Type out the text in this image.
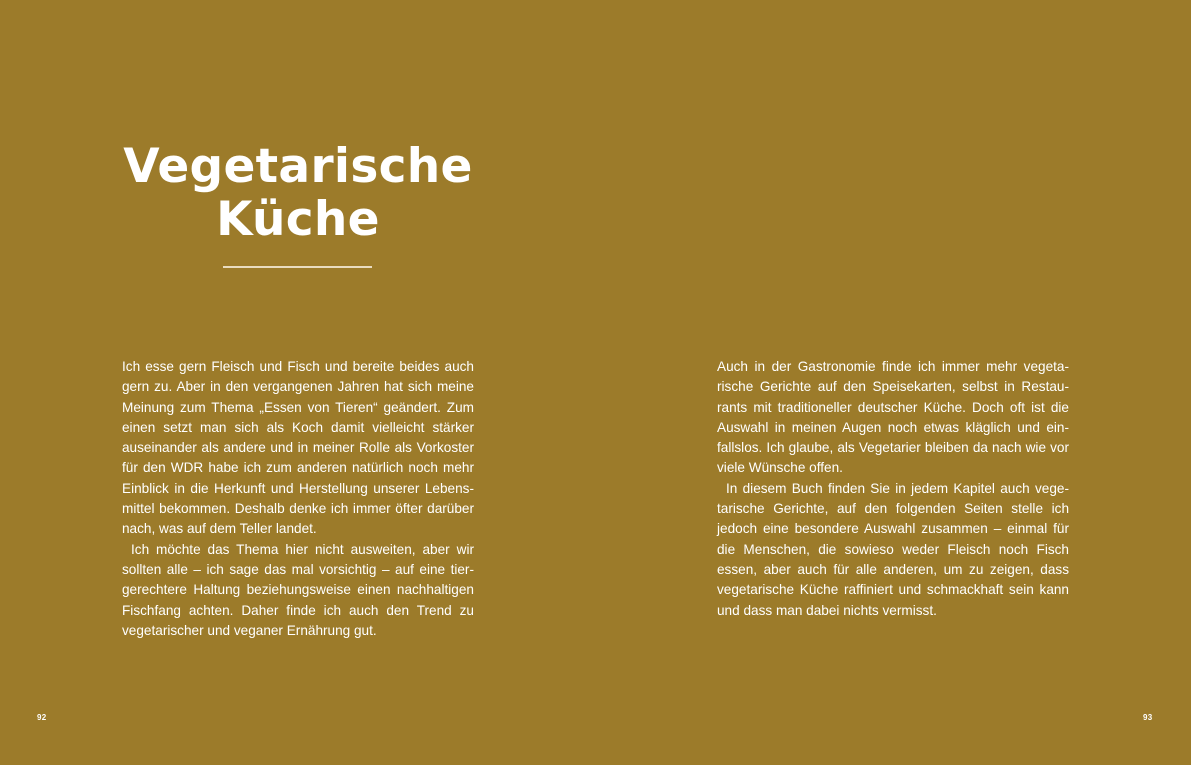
Vegetarische
Küche

Ich esse gern Fleisch und Fisch und bereite beides auch gern zu. Aber in den vergangenen Jahren hat sich meine Meinung zum Thema „Essen von Tieren“ geändert. Zum einen setzt man sich als Koch damit vielleicht stärker auseinander als andere und in meiner Rolle als Vorkoster für den WDR habe ich zum anderen natürlich noch mehr Einblick in die Herkunft und Herstellung unserer Lebensmittel bekommen. Deshalb denke ich immer öfter darüber nach, was auf dem Teller landet.

Ich möchte das Thema hier nicht ausweiten, aber wir sollten alle – ich sage das mal vorsichtig – auf eine tiergerechtere Haltung beziehungsweise einen nachhaltigen Fischfang achten. Daher finde ich auch den Trend zu vegetarischer und veganer Ernährung gut.

Auch in der Gastronomie finde ich immer mehr vegetarische Gerichte auf den Speisekarten, selbst in Restaurants mit traditioneller deutscher Küche. Doch oft ist die Auswahl in meinen Augen noch etwas kläglich und einfallslos. Ich glaube, als Vegetarier bleiben da nach wie vor viele Wünsche offen.

In diesem Buch finden Sie in jedem Kapitel auch vegetarische Gerichte, auf den folgenden Seiten stelle ich jedoch eine besondere Auswahl zusammen – einmal für die Menschen, die sowieso weder Fleisch noch Fisch essen, aber auch für alle anderen, um zu zeigen, dass vegetarische Küche raffiniert und schmackhaft sein kann und dass man dabei nichts vermisst.

92	93
